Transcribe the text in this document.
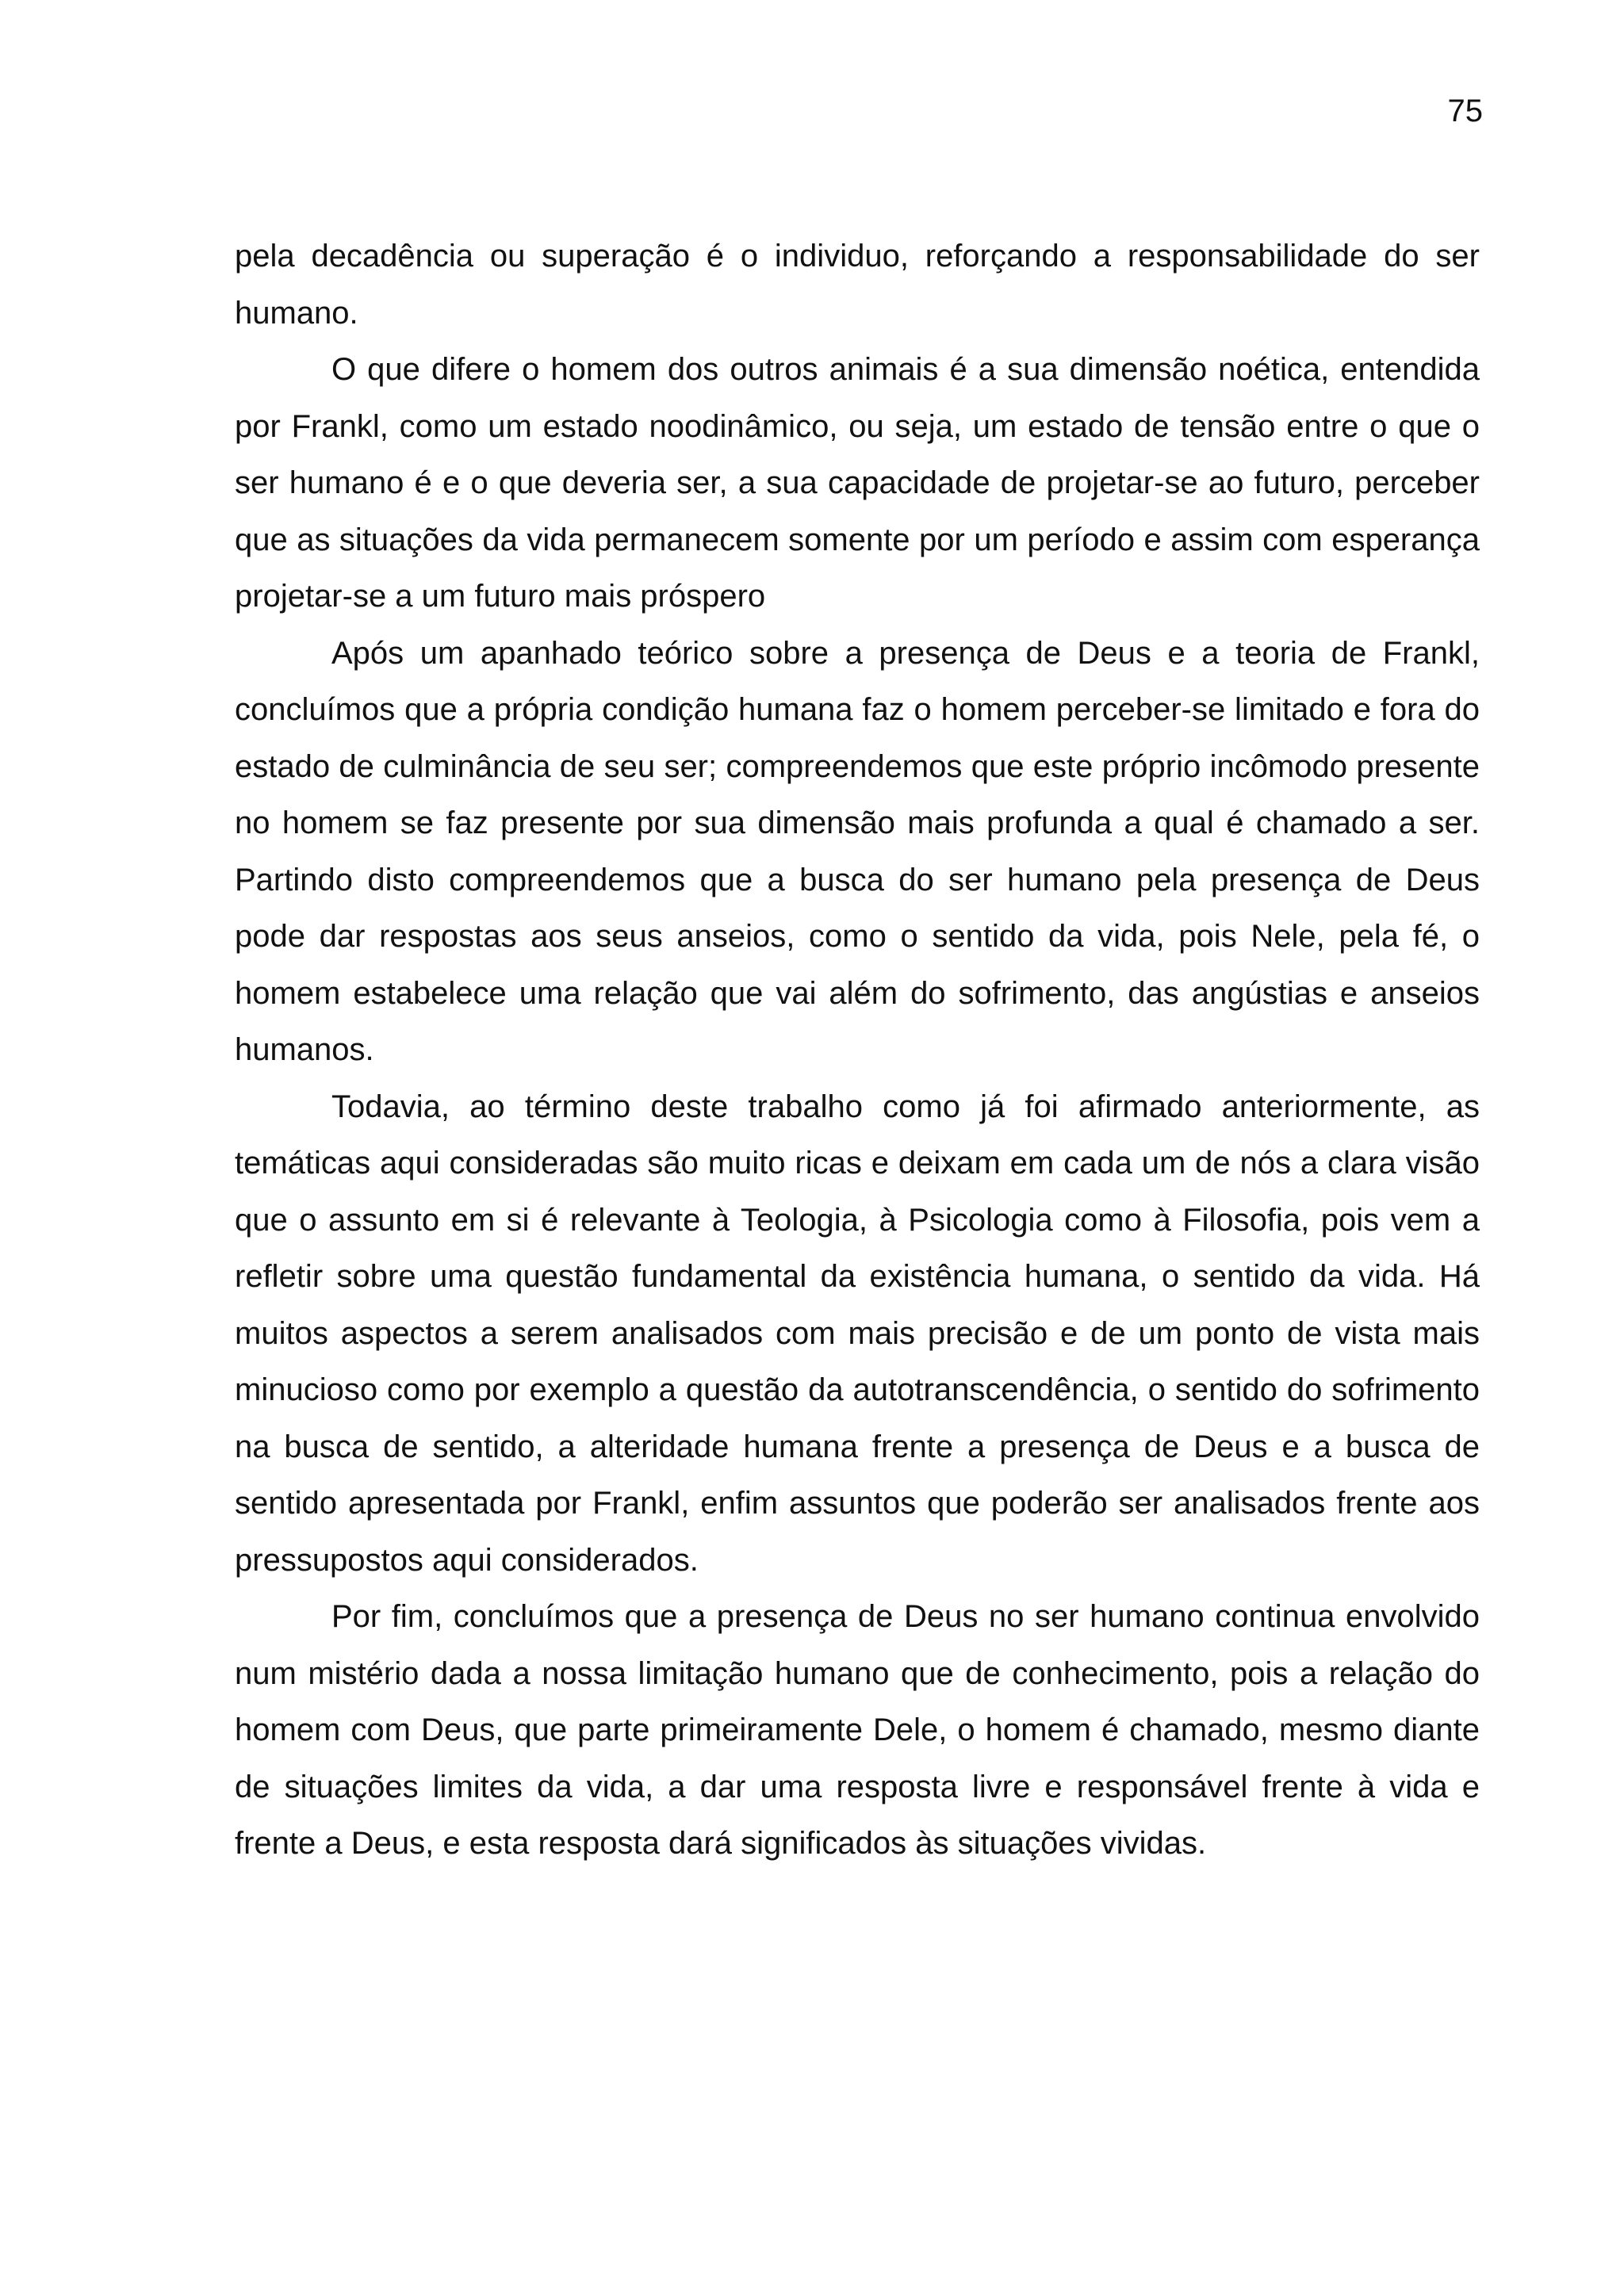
75

pela decadência ou superação é o individuo, reforçando a responsabilidade do ser humano.

O que difere o homem dos outros animais é a sua dimensão noética, entendida por Frankl, como um estado noodinâmico, ou seja, um estado de tensão entre o que o ser humano é e o que deveria ser, a sua capacidade de projetar-se ao futuro, perceber que as situações da vida permanecem somente por um período e assim com esperança projetar-se a um futuro mais próspero

Após um apanhado teórico sobre a presença de Deus e a teoria de Frankl, concluímos que a própria condição humana faz o homem perceber-se limitado e fora do estado de culminância de seu ser; compreendemos que este próprio incômodo presente no homem se faz presente por sua dimensão mais profunda a qual é chamado a ser. Partindo disto compreendemos que a busca do ser humano pela presença de Deus pode dar respostas aos seus anseios, como o sentido da vida, pois Nele, pela fé, o homem estabelece uma relação que vai além do sofrimento, das angústias e anseios humanos.

Todavia, ao término deste trabalho como já foi afirmado anteriormente, as temáticas aqui consideradas são muito ricas e deixam em cada um de nós a clara visão que o assunto em si é relevante à Teologia, à Psicologia como à Filosofia, pois vem a refletir sobre uma questão fundamental da existência humana, o sentido da vida. Há muitos aspectos a serem analisados com mais precisão e de um ponto de vista mais minucioso como por exemplo a questão da autotranscendência, o sentido do sofrimento na busca de sentido, a alteridade humana frente a presença de Deus e a busca de sentido apresentada por Frankl, enfim assuntos que poderão ser analisados frente aos pressupostos aqui considerados.

Por fim, concluímos que a presença de Deus no ser humano continua envolvido num mistério dada a nossa limitação humano que de conhecimento, pois a relação do homem com Deus, que parte primeiramente Dele, o homem é chamado, mesmo diante de situações limites da vida, a dar uma resposta livre e responsável frente à vida e frente a Deus, e esta resposta dará significados às situações vividas.
